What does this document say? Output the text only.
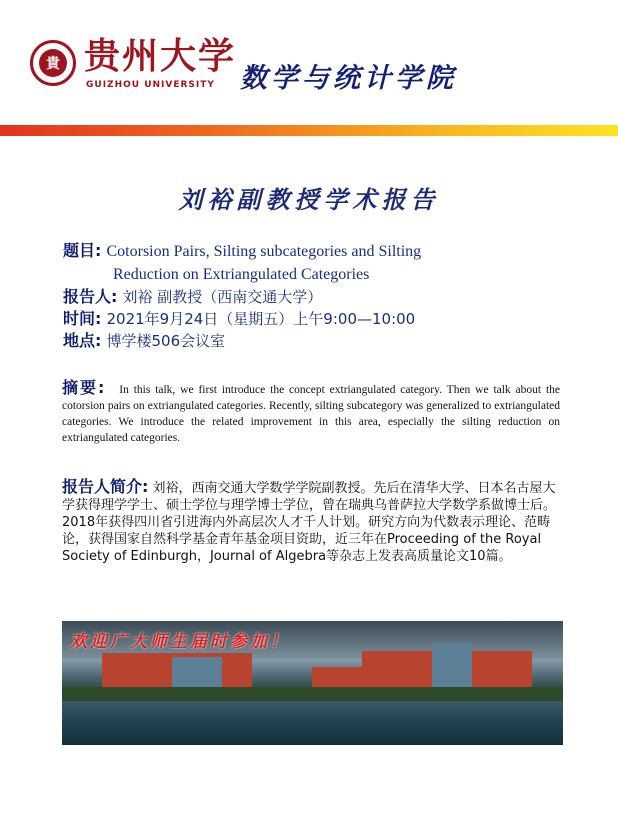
貴 贵州大学
GUIZHOU UNIVERSITY 数学与统计学院
刘裕副教授学术报告
题目: Cotorsion Pairs, Silting subcategories and Silting
Reduction on Extriangulated Categories
报告人: 刘裕 副教授（西南交通大学）
时间: 2021年9月24日（星期五）上午9:00—10:00
地点: 博学楼506会议室
摘要: In this talk, we first introduce the concept extriangulated category. Then we talk about the cotorsion pairs on extriangulated categories. Recently, silting subcategory was generalized to extriangulated categories. We introduce the related improvement in this area, especially the silting reduction on extriangulated categories.
报告人简介: 刘裕，西南交通大学数学学院副教授。先后在清华大学、日本名古屋大学获得理学学士、硕士学位与理学博士学位，曾在瑞典乌普萨拉大学数学系做博士后。2018年获得四川省引进海内外高层次人才千人计划。研究方向为代数表示理论、范畴论，获得国家自然科学基金青年基金项目资助，近三年在Proceeding of the Royal Society of Edinburgh，Journal of Algebra等杂志上发表高质量论文10篇。
欢迎广大师生届时参加！
